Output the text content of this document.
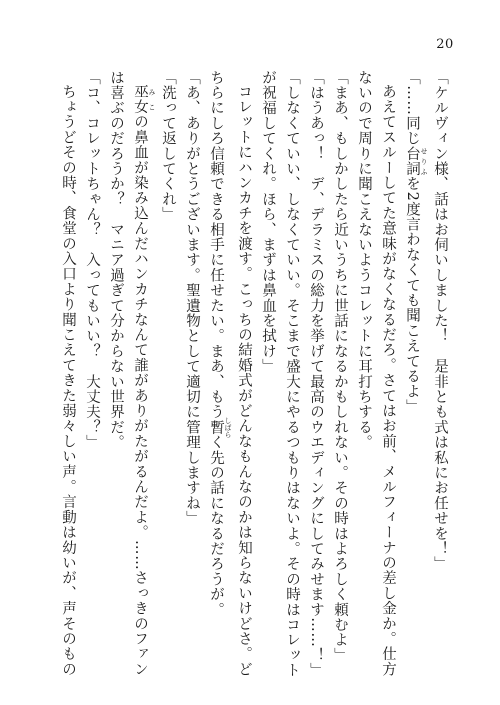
20
「ケルヴィン様、話はお伺いしました！　是非とも式は私にお任せを！」
「……同じ台詞 せりふを2度言わなくても聞こえてるよ」
あえてスルーしてた意味がなくなるだろ。さてはお前、メルフィーナの差し金か。仕方
ないので周りに聞こえないようコレットに耳打ちする。
「まあ、もしかしたら近いうちに世話になるかもしれない。その時はよろしく頼むよ」
「はうあっ！　デ、デラミスの総力を挙げて最高のウエディングにしてみせます……！」
「しなくていい、しなくていい。そこまで盛大にやるつもりはないよ。その時はコレット
が祝福してくれ。ほら、まずは鼻血を拭け」
コレットにハンカチを渡す。こっちの結婚式がどんなもんなのかは知らないけどさ。ど
ちらにしろ信頼できる相手に任せたい。まあ、もう暫 しばらく先の話になるだろうが。
「あ、ありがとうございます。聖遺物として適切に管理しますね」
「洗って返してくれ」
巫女 みこの鼻血が染み込んだハンカチなんて誰がありがたがるんだよ。……さっきのファン
は喜ぶのだろうか？　マニア過ぎて分からない世界だ。
「コ、コレットちゃん？　入ってもいい？　大丈夫？」
ちょうどその時、食堂の入口より聞こえてきた弱々しい声。言動は幼いが、声そのもの
